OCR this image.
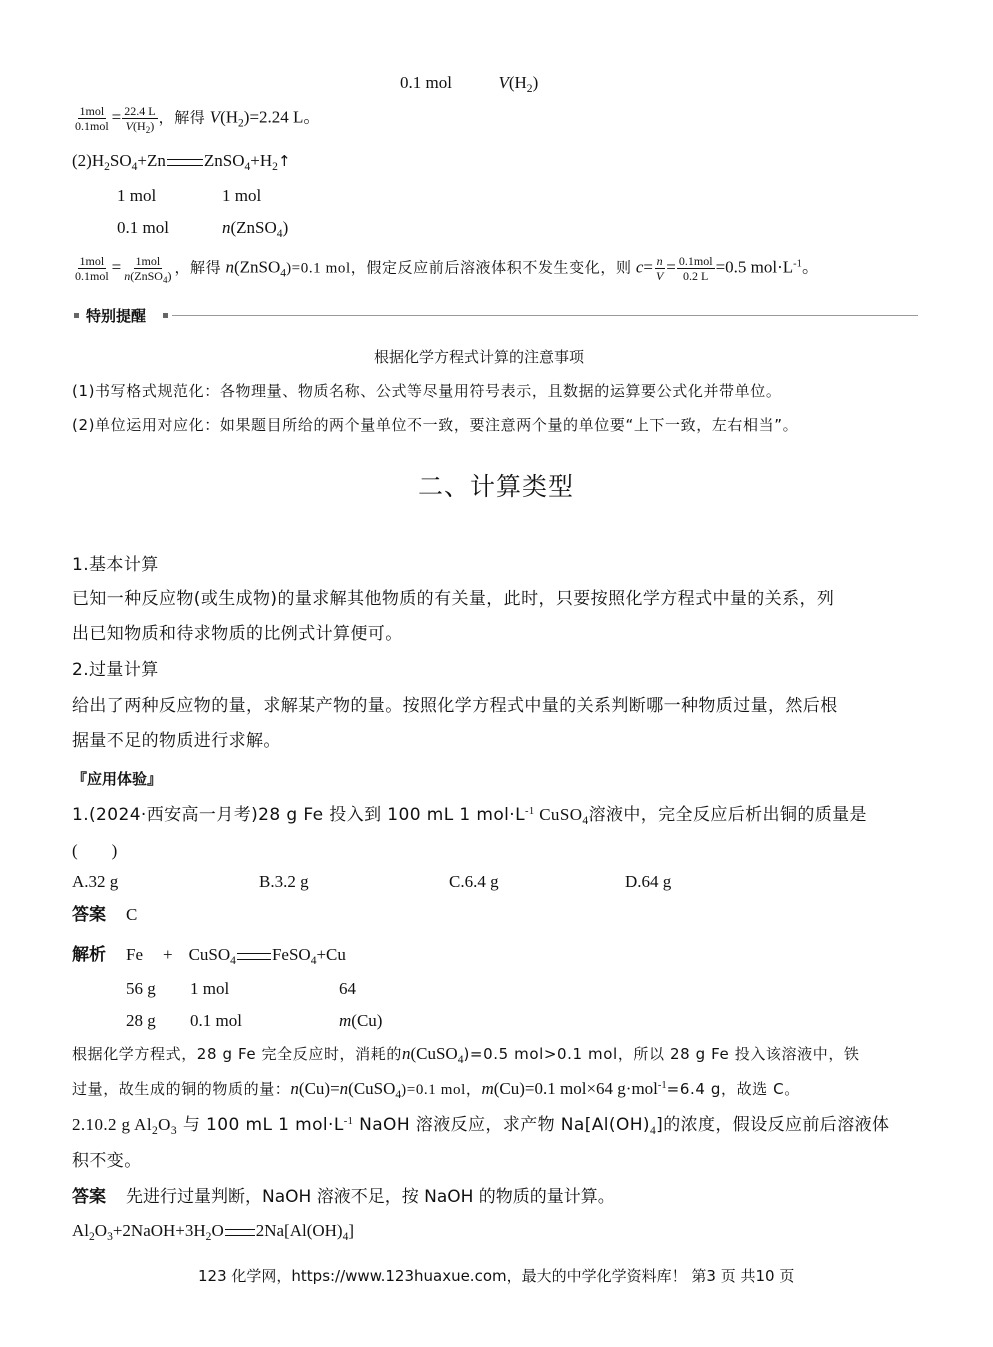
0.1 mol	$V(H_2)$
$\frac{\text{1mol}}{\text{0.1mol}} = \frac{22.4 L}{V(H_2)}$ ，解得 $V(H_2)=2.24$ L。
$(2)H_2SO_4+Zn$ $ZnSO_4+H_2↑$
1 mol	1 mol
0.1 mol	n(ZnSO$_4$)
$\frac{\text{1mol}}{\text{0.1mol}} = \frac{\text{1mol}}{n(ZnSO_4)}$ ，解得 n(ZnSO$_4$)=0.1 mol，假定反应前后溶液体积不发生变化，则 $c= \frac{n}{V} = \frac{\text{0.1mol}}{0.2 L} =0.5$ $mol\cdot L^{-1}$。
特别提醒
根据化学方程式计算的注意事项
(1)书写格式规范化：各物理量、物质名称、公式等尽量用符号表示，且数据的运算要公式化并带单位。
(2)单位运用对应化：如果题目所给的两个量单位不一致，要注意两个量的单位要“上下一致，左右相当”。
二、计算类型
1.基本计算
已知一种反应物(或生成物)的量求解其他物质的有关量，此时，只要按照化学方程式中量的关系，列
出已知物质和待求物质的比例式计算便可。
2.过量计算
给出了两种反应物的量，求解某产物的量。按照化学方程式中量的关系判断哪一种物质过量，然后根
据量不足的物质进行求解。
『应用体验』
1.(2024·西安高一月考)28 g Fe 投入到 100 mL 1 $mol\cdot L^{-1}$ CuSO$_4$溶液中，完全反应后析出铜的质量是
(　　)
A.32 g	B.3.2 g	C.6.4 g	D.64 g
答案 C
解析 Fe + CuSO$_4$ FeSO$_4$+Cu
56 g 1 mol	64
28 g 0.1 mol	m(Cu)
根据化学方程式，28 g Fe 完全反应时，消耗的n(CuSO$_4$)=0.5 mol>0.1 mol，所以 28 g Fe 投入该溶液中，铁
过量，故生成的铜的物质的量：n(Cu)=n(CuSO$_4$)=0.1 mol，m(Cu)=0.1 mol×64 g·mol$^{-1}$=6.4 g，故选 C。
2.10.2 g $Al_2O_3$ 与 100 mL 1 $mol\cdot L^{-1}$ NaOH 溶液反应，求产物 $Na[Al(OH)_4]$的浓度，假设反应前后溶液体
积不变。
答案 先进行过量判断，NaOH 溶液不足，按 NaOH 的物质的量计算。
$Al_2O_3+2NaOH+3H_2O$ $2Na[Al(OH)_4]$
123 化学网，https://www.123huaxue.com，最大的中学化学资料库！ 第3 页 共10 页
